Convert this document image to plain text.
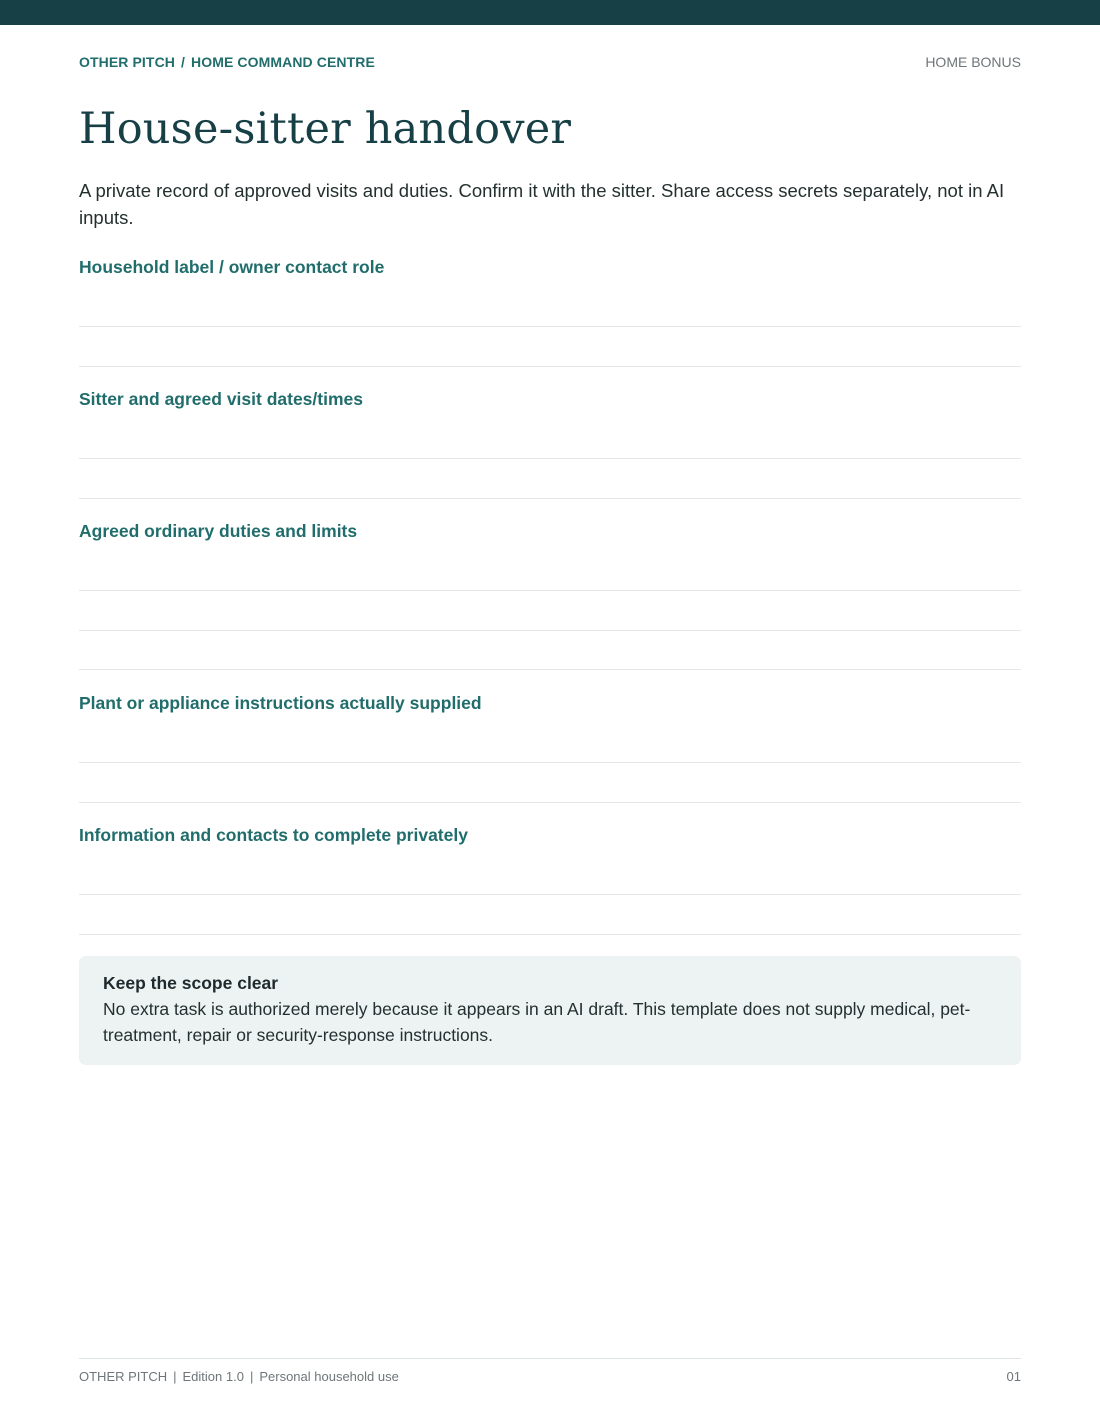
OTHER PITCH / HOME COMMAND CENTRE	HOME BONUS
House-sitter handover

A private record of approved visits and duties. Confirm it with the sitter. Share access secrets separately, not in AI inputs.

Household label / owner contact role
Sitter and agreed visit dates/times
Agreed ordinary duties and limits
Plant or appliance instructions actually supplied
Information and contacts to complete privately
Keep the scope clear

No extra task is authorized merely because it appears in an AI draft. This template does not supply medical, pet-treatment, repair or security-response instructions.

OTHER PITCH | Edition 1.0 | Personal household use	01
